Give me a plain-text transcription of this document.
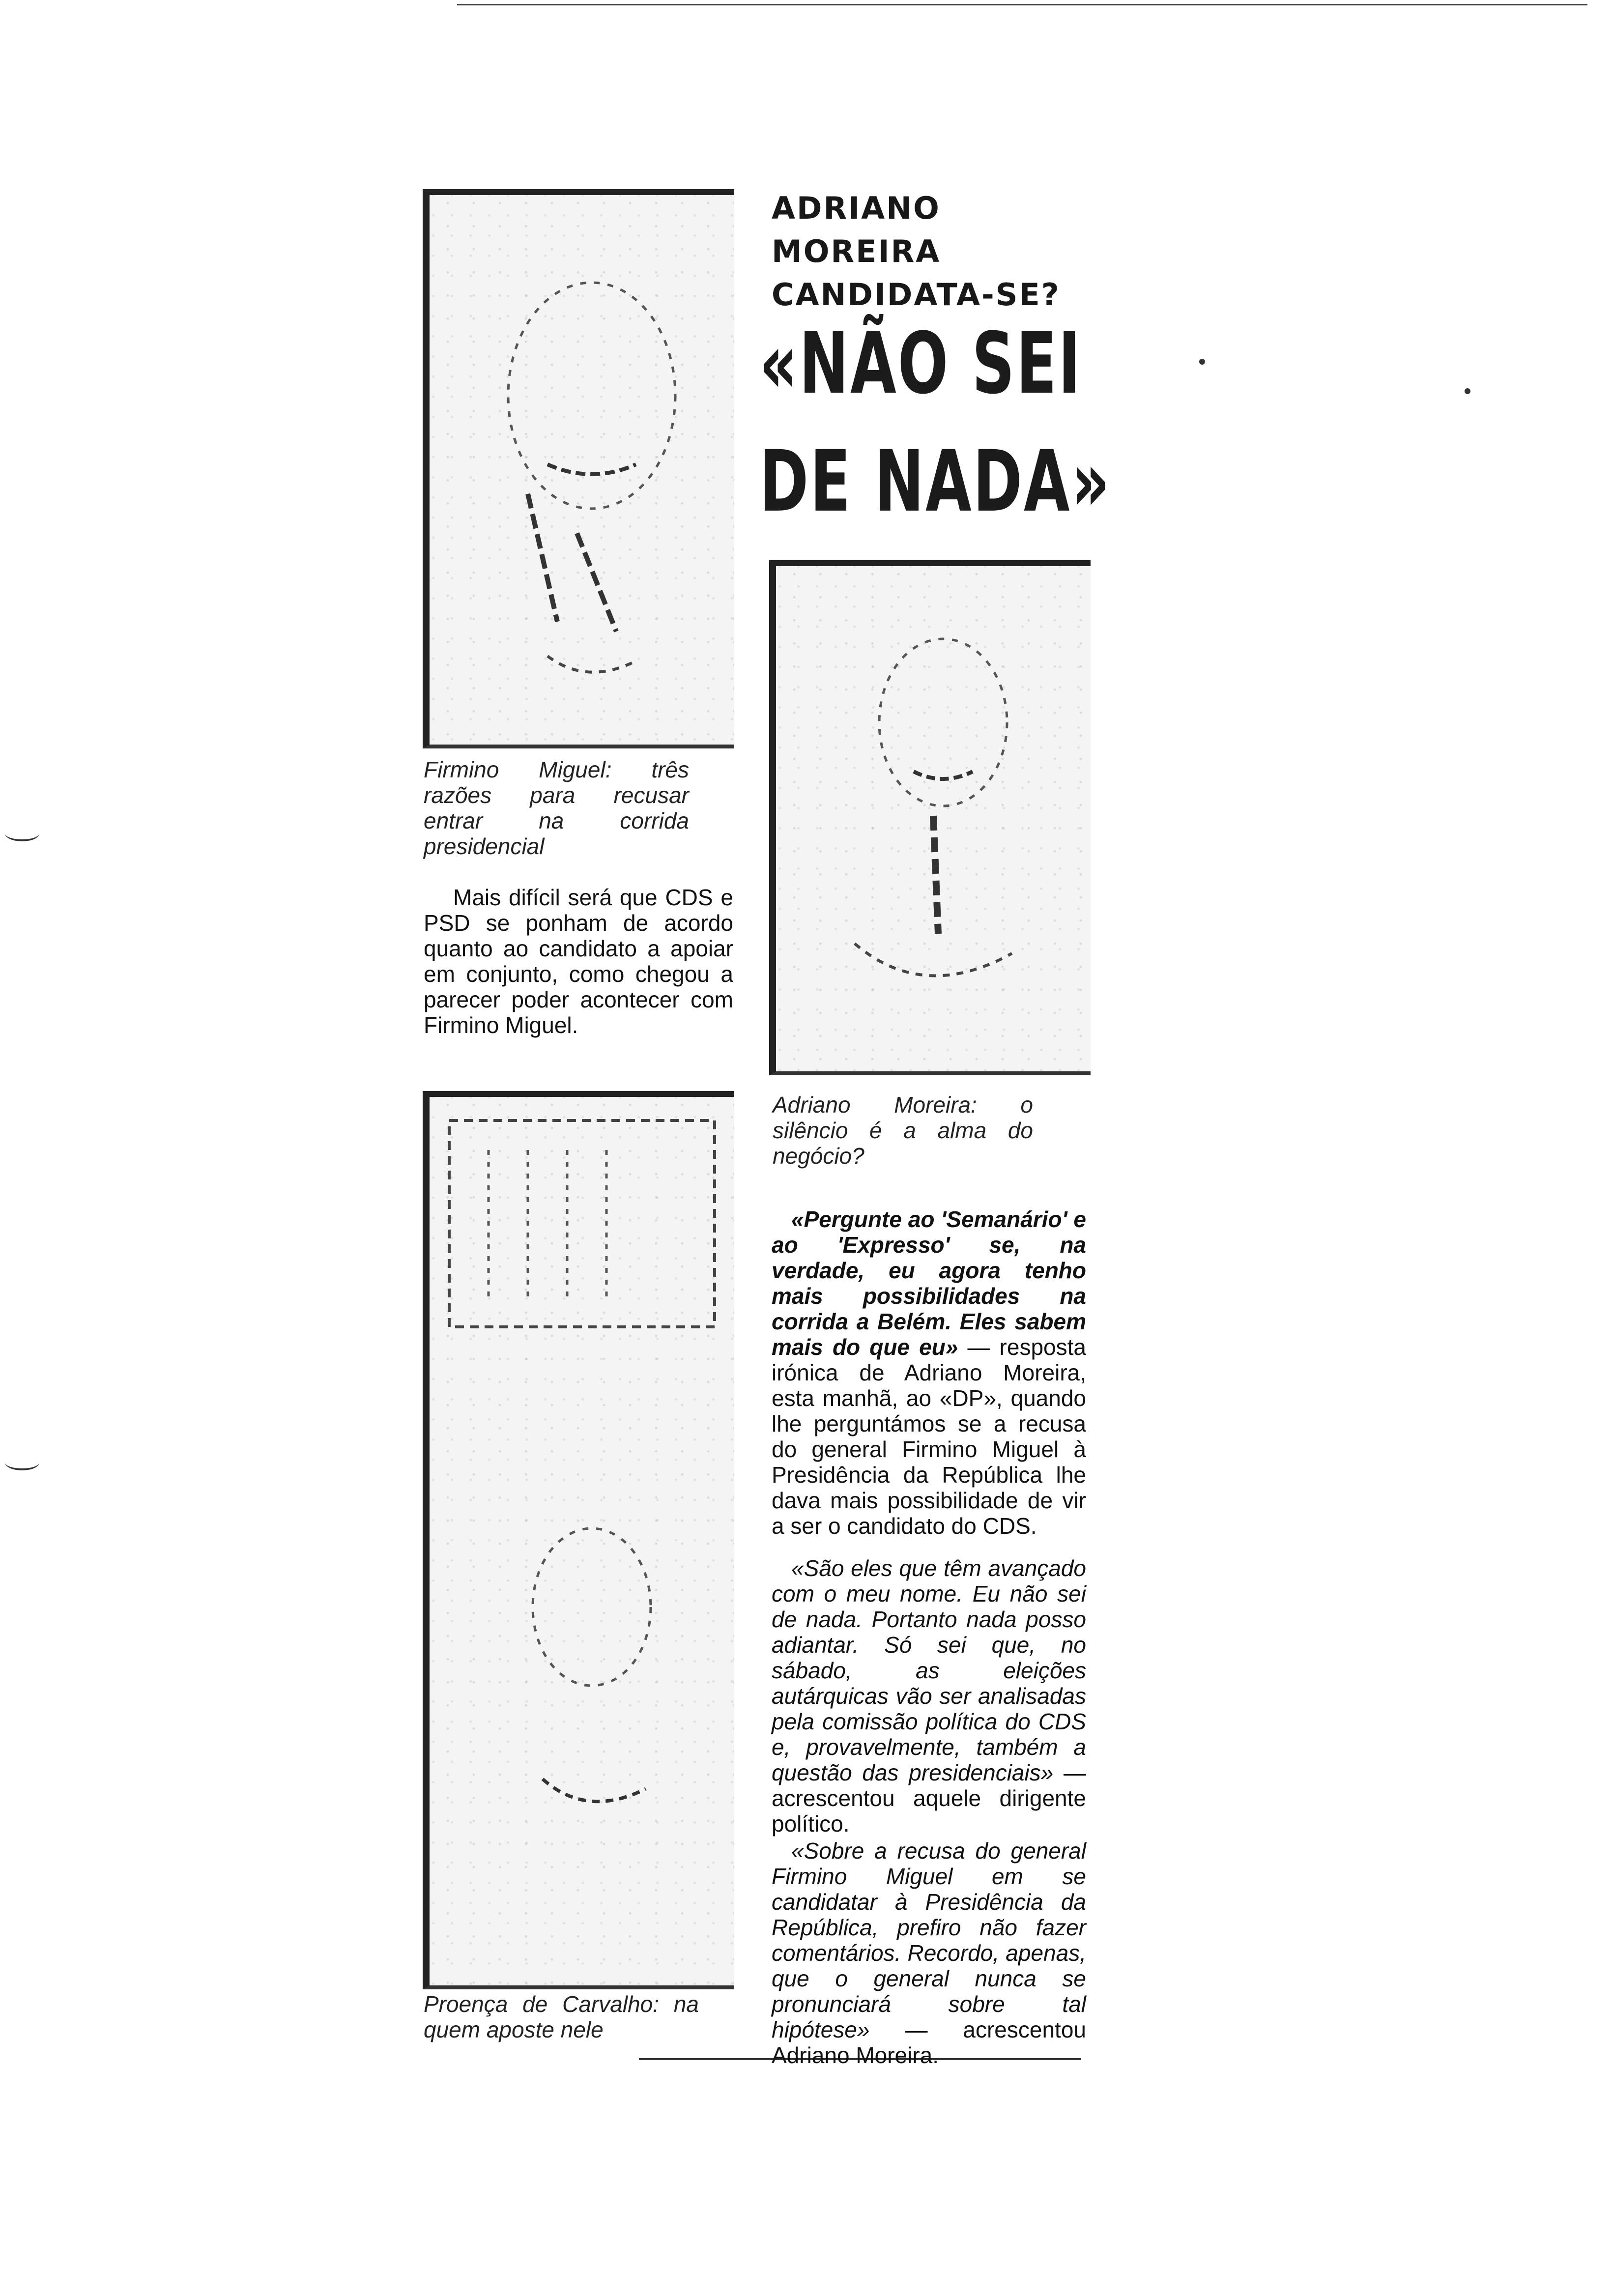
ADRIANO MOREIRA
CANDIDATA-SE?
«NÃO SEI
DE NADA»
Firmino Miguel: três razões para recusar entrar na corrida presidencial
Mais difícil será que CDS e PSD se ponham de acordo quanto ao candidato a apoiar em conjunto, como chegou a parecer poder acontecer com Firmino Miguel.
Proença de Carvalho: na quem aposte nele
Adriano Moreira: o silêncio é a alma do negócio?
«Pergunte ao 'Semanário' e ao 'Expresso' se, na verdade, eu agora tenho mais possibilidades na corrida a Belém. Eles sabem mais do que eu» — resposta irónica de Adriano Moreira, esta manhã, ao «DP», quando lhe perguntámos se a recusa do general Firmino Miguel à Presidência da República lhe dava mais possibilidade de vir a ser o candidato do CDS.
«São eles que têm avançado com o meu nome. Eu não sei de nada. Portanto nada posso adiantar. Só sei que, no sábado, as eleições autárquicas vão ser analisadas pela comissão política do CDS e, provavelmente, também a questão das presidenciais» — acrescentou aquele dirigente político.
«Sobre a recusa do general Firmino Miguel em se candidatar à Presidência da República, prefiro não fazer comentários. Recordo, apenas, que o general nunca se pronunciará sobre tal hipótese» — acrescentou Adriano Moreira.
